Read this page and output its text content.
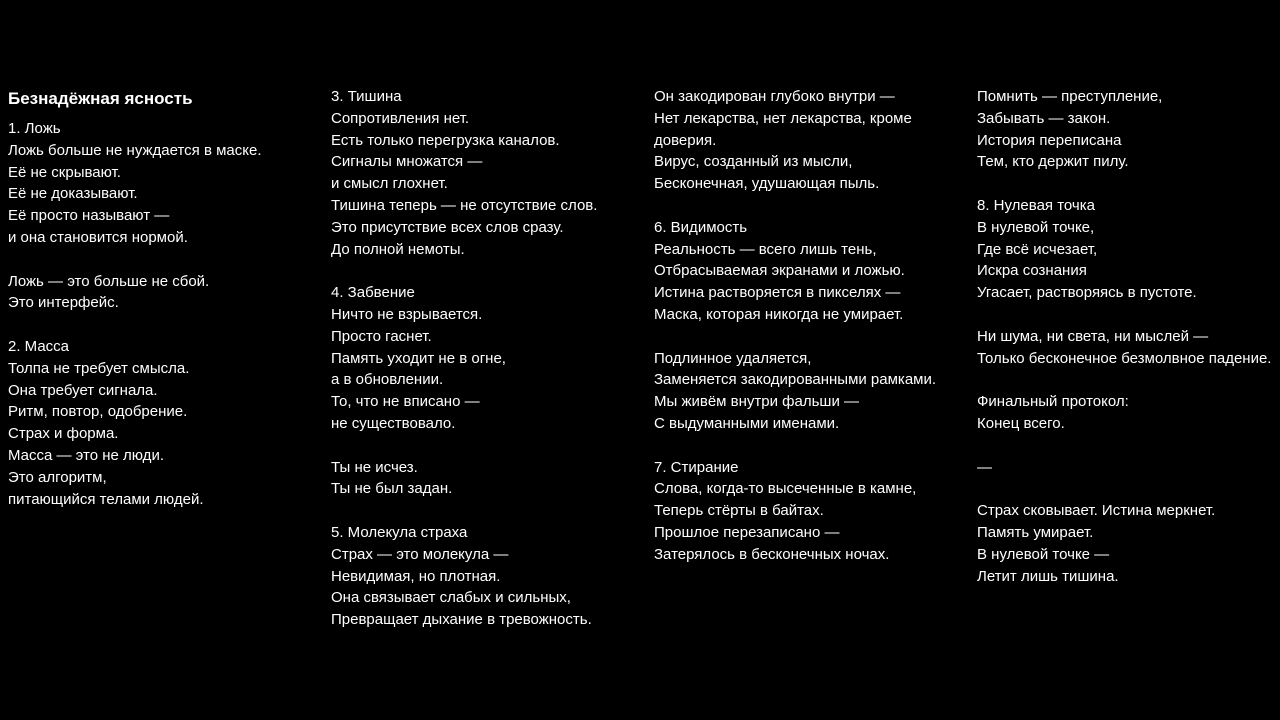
Безнадёжная ясность
1. Ложь
Ложь больше не нуждается в маске.
Её не скрывают.
Её не доказывают.
Её просто называют —
и она становится нормой.
Ложь — это больше не сбой.
Это интерфейс.
2. Масса
Толпа не требует смысла.
Она требует сигнала.
Ритм, повтор, одобрение.
Страх и форма.
Масса — это не люди.
Это алгоритм,
питающийся телами людей.
3. Тишина
Сопротивления нет.
Есть только перегрузка каналов.
Сигналы множатся —
и смысл глохнет.
Тишина теперь — не отсутствие слов.
Это присутствие всех слов сразу.
До полной немоты.
4. Забвение
Ничто не взрывается.
Просто гаснет.
Память уходит не в огне,
а в обновлении.
То, что не вписано —
не существовало.
Ты не исчез.
Ты не был задан.
5. Молекула страха
Страх — это молекула —
Невидимая, но плотная.
Она связывает слабых и сильных,
Превращает дыхание в тревожность.
Он закодирован глубоко внутри —
Нет лекарства, нет лекарства, кроме
доверия.
Вирус, созданный из мысли,
Бесконечная, удушающая пыль.
6. Видимость
Реальность — всего лишь тень,
Отбрасываемая экранами и ложью.
Истина растворяется в пикселях —
Маска, которая никогда не умирает.
Подлинное удаляется,
Заменяется закодированными рамками.
Мы живём внутри фальши —
С выдуманными именами.
7. Стирание
Слова, когда-то высеченные в камне,
Теперь стёрты в байтах.
Прошлое перезаписано —
Затерялось в бесконечных ночах.
Помнить — преступление,
Забывать — закон.
История переписана
Тем, кто держит пилу.
8. Нулевая точка
В нулевой точке,
Где всё исчезает,
Искра сознания
Угасает, растворяясь в пустоте.
Ни шума, ни света, ни мыслей —
Только бесконечное безмолвное падение.
Финальный протокол:
Конец всего.
—
Страх сковывает. Истина меркнет.
Память умирает.
В нулевой точке —
Летит лишь тишина.
